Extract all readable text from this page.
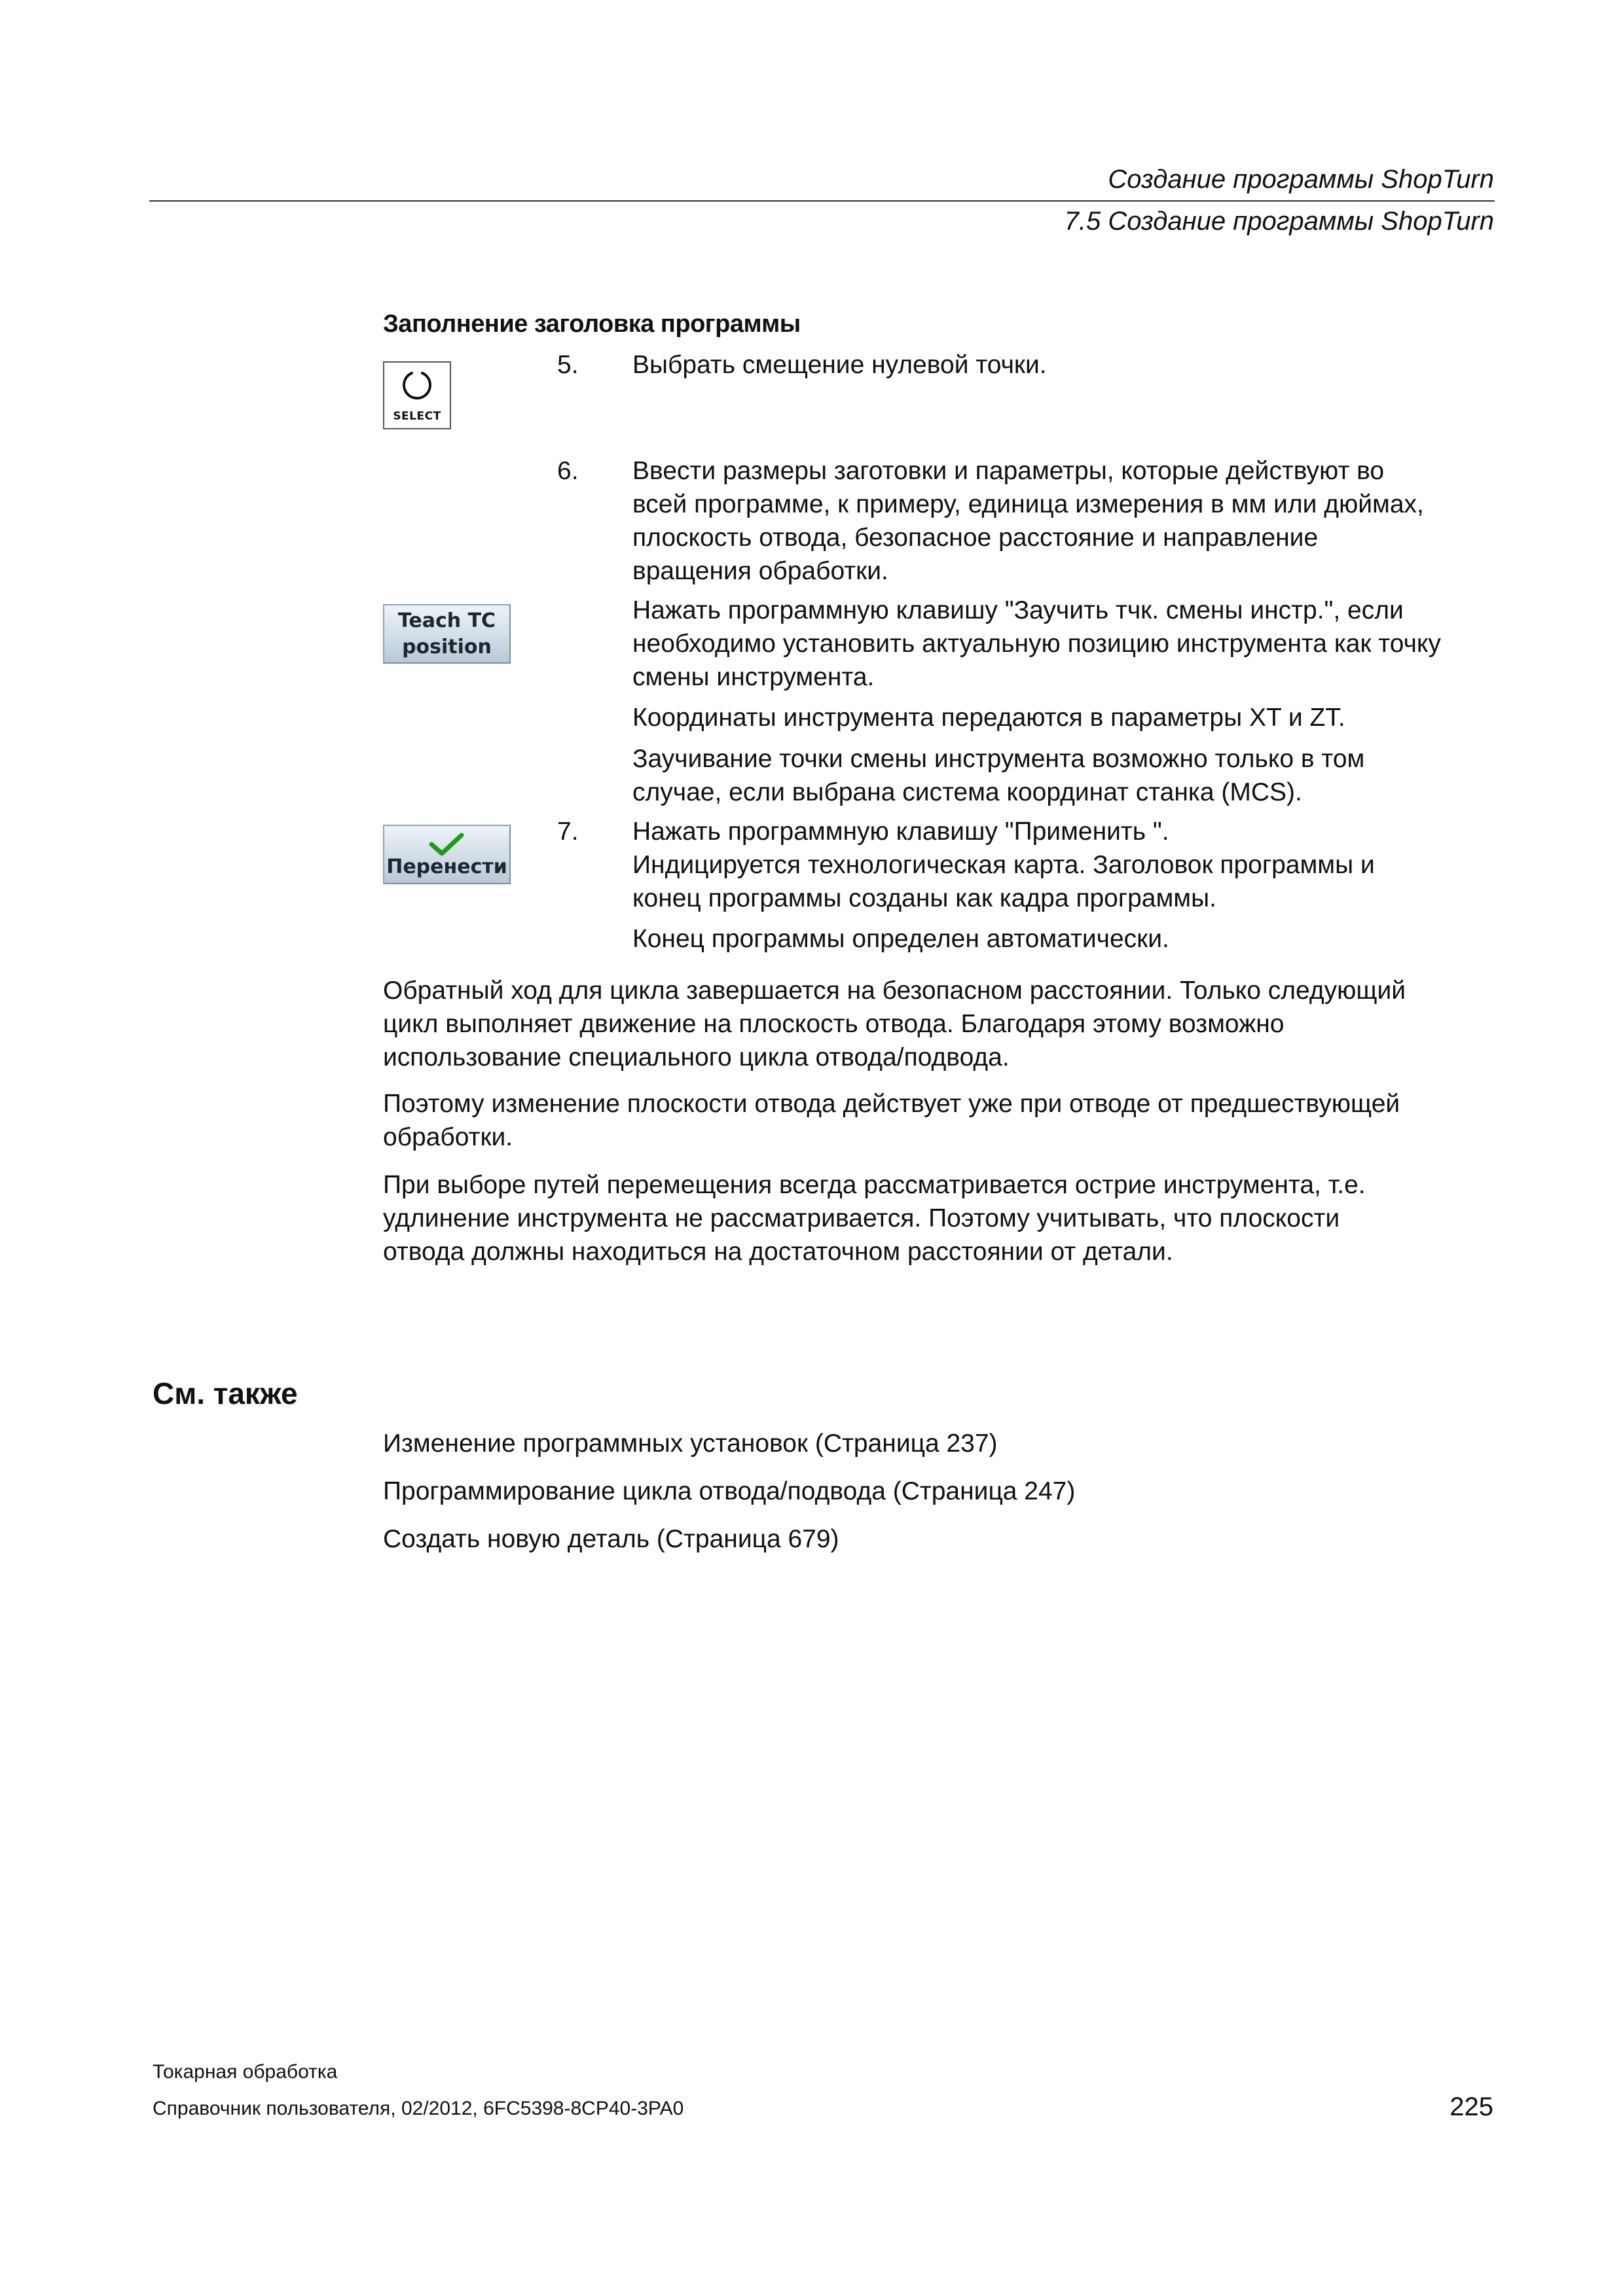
Создание программы ShopTurn
7.5 Создание программы ShopTurn
Заполнение заголовка программы
SELECT
5. Выбрать смещение нулевой точки.
6. Ввести размеры заготовки и параметры, которые действуют во
всей программе, к примеру, единица измерения в мм или дюймах,
плоскость отвода, безопасное расстояние и направление
вращения обработки.
Teach TC
position
Нажать программную клавишу "Заучить тчк. смены инстр.", если
необходимо установить актуальную позицию инструмента как точку
смены инструмента.
Координаты инструмента передаются в параметры XT и ZT.
Заучивание точки смены инструмента возможно только в том
случае, если выбрана система координат станка (MCS).
Перенести
7. Нажать программную клавишу "Применить ".
Индицируется технологическая карта. Заголовок программы и
конец программы созданы как кадра программы.
Конец программы определен автоматически.
Обратный ход для цикла завершается на безопасном расстоянии. Только следующий
цикл выполняет движение на плоскость отвода. Благодаря этому возможно
использование специального цикла отвода/подвода.
Поэтому изменение плоскости отвода действует уже при отводе от предшествующей
обработки.
При выборе путей перемещения всегда рассматривается острие инструмента, т.е.
удлинение инструмента не рассматривается. Поэтому учитывать, что плоскости
отвода должны находиться на достаточном расстоянии от детали.
См. также
Изменение программных установок (Страница 237)
Программирование цикла отвода/подвода (Страница 247)
Создать новую деталь (Страница 679)
Токарная обработка
Справочник пользователя, 02/2012, 6FC5398-8CP40-3PA0	225
